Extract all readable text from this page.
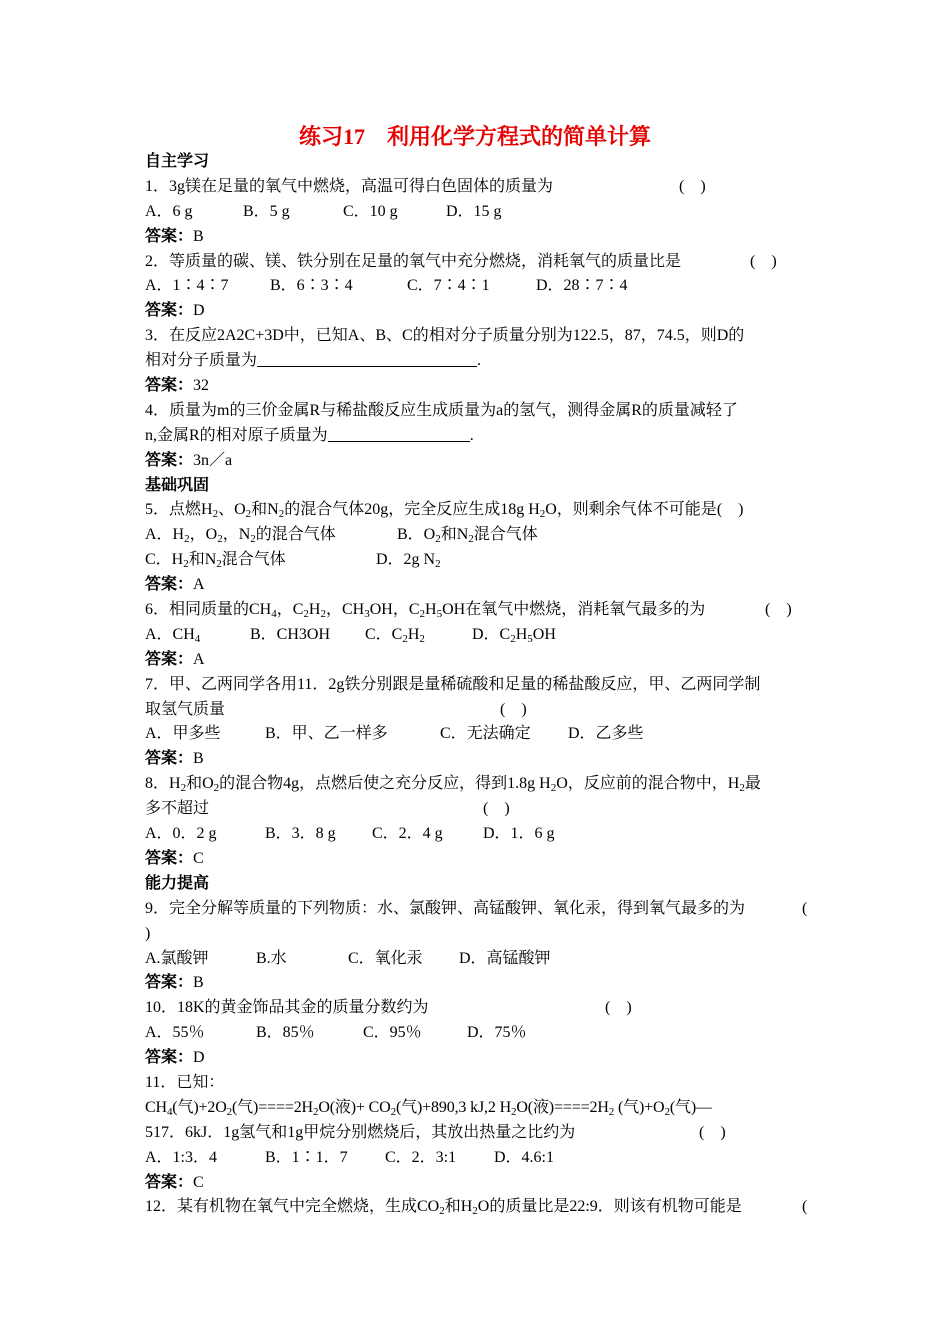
练习17　利用化学方程式的简单计算
自主学习
1．3g镁在足量的氧气中燃烧，高温可得白色固体的质量为	(　)
A．6 g	B．5 g	C．10 g	D．15 g
答案：B
2．等质量的碳、镁、铁分别在足量的氧气中充分燃烧，消耗氧气的质量比是	(　)
A．1∶4∶7	B．6∶3∶4	C．7∶4∶1	D．28∶7∶4
答案：D
3．在反应2A2C+3D中，已知A、B、C的相对分子质量分别为122.5，87，74.5，则D的
相对分子质量为	.
答案：32
4．质量为m的三价金属R与稀盐酸反应生成质量为a的氢气，测得金属R的质量减轻了
n,金属R的相对原子质量为	.
答案：3n／a
基础巩固
5．点燃$H_2$、$O_2$和$N_2$的混合气体20g，完全反应生成18g $H_2O$，则剩余气体不可能是(　)
A．$H_2$，$O_2$，$N_2$的混合气体	B．$O_2$和$N_2$混合气体
C．$H_2$和$N_2$混合气体	D．2g $N_2$
答案：A
6．相同质量的$CH_4$，$C_2H_2$，$CH_3OH$，$C_2H_5OH$在氧气中燃烧，消耗氧气最多的为	(　)
A．$CH_4$	B．CH3OH C．$C_2H_2$	D．$C_2H_5OH$
答案：A
7．甲、乙两同学各用11．2g铁分别跟是量稀硫酸和足量的稀盐酸反应，甲、乙两同学制
取氢气质量	(　)
A．甲多些	B．甲、乙一样多	C．无法确定 D．乙多些
答案：B
8．$H_2$和$O_2$的混合物4g，点燃后使之充分反应，得到1.8g $H_2O$，反应前的混合物中，$H_2$最
多不超过	(　)
A．0．2 g	B．3．8 g C．2．4 g	D．1．6 g
答案：C
能力提高
9．完全分解等质量的下列物质：水、氯酸钾、高锰酸钾、氧化汞，得到氧气最多的为	(
)
A.氯酸钾	B.水	C．氧化汞 D．高锰酸钾
答案：B
10．18K的黄金饰品其金的质量分数约为	(　)
A．55％	B．85％	C．95％	D．75％
答案：D
11．已知：
$CH_4$(气)$+2O_2$(气)$====2H_2O$(液)+ $CO_2$(气)+890,3 kJ,2 $H_2O$(液)$====2H_2$ (气)$+O_2$(气)—
517．6kJ．1g氢气和1g甲烷分别燃烧后，其放出热量之比约为	(　)
A．1:3．4	B．1∶1．7 C．2．3:1 D．4.6:1
答案：C
12．某有机物在氧气中完全燃烧，生成$CO_2$和$H_2O$的质量比是22:9．则该有机物可能是	(
